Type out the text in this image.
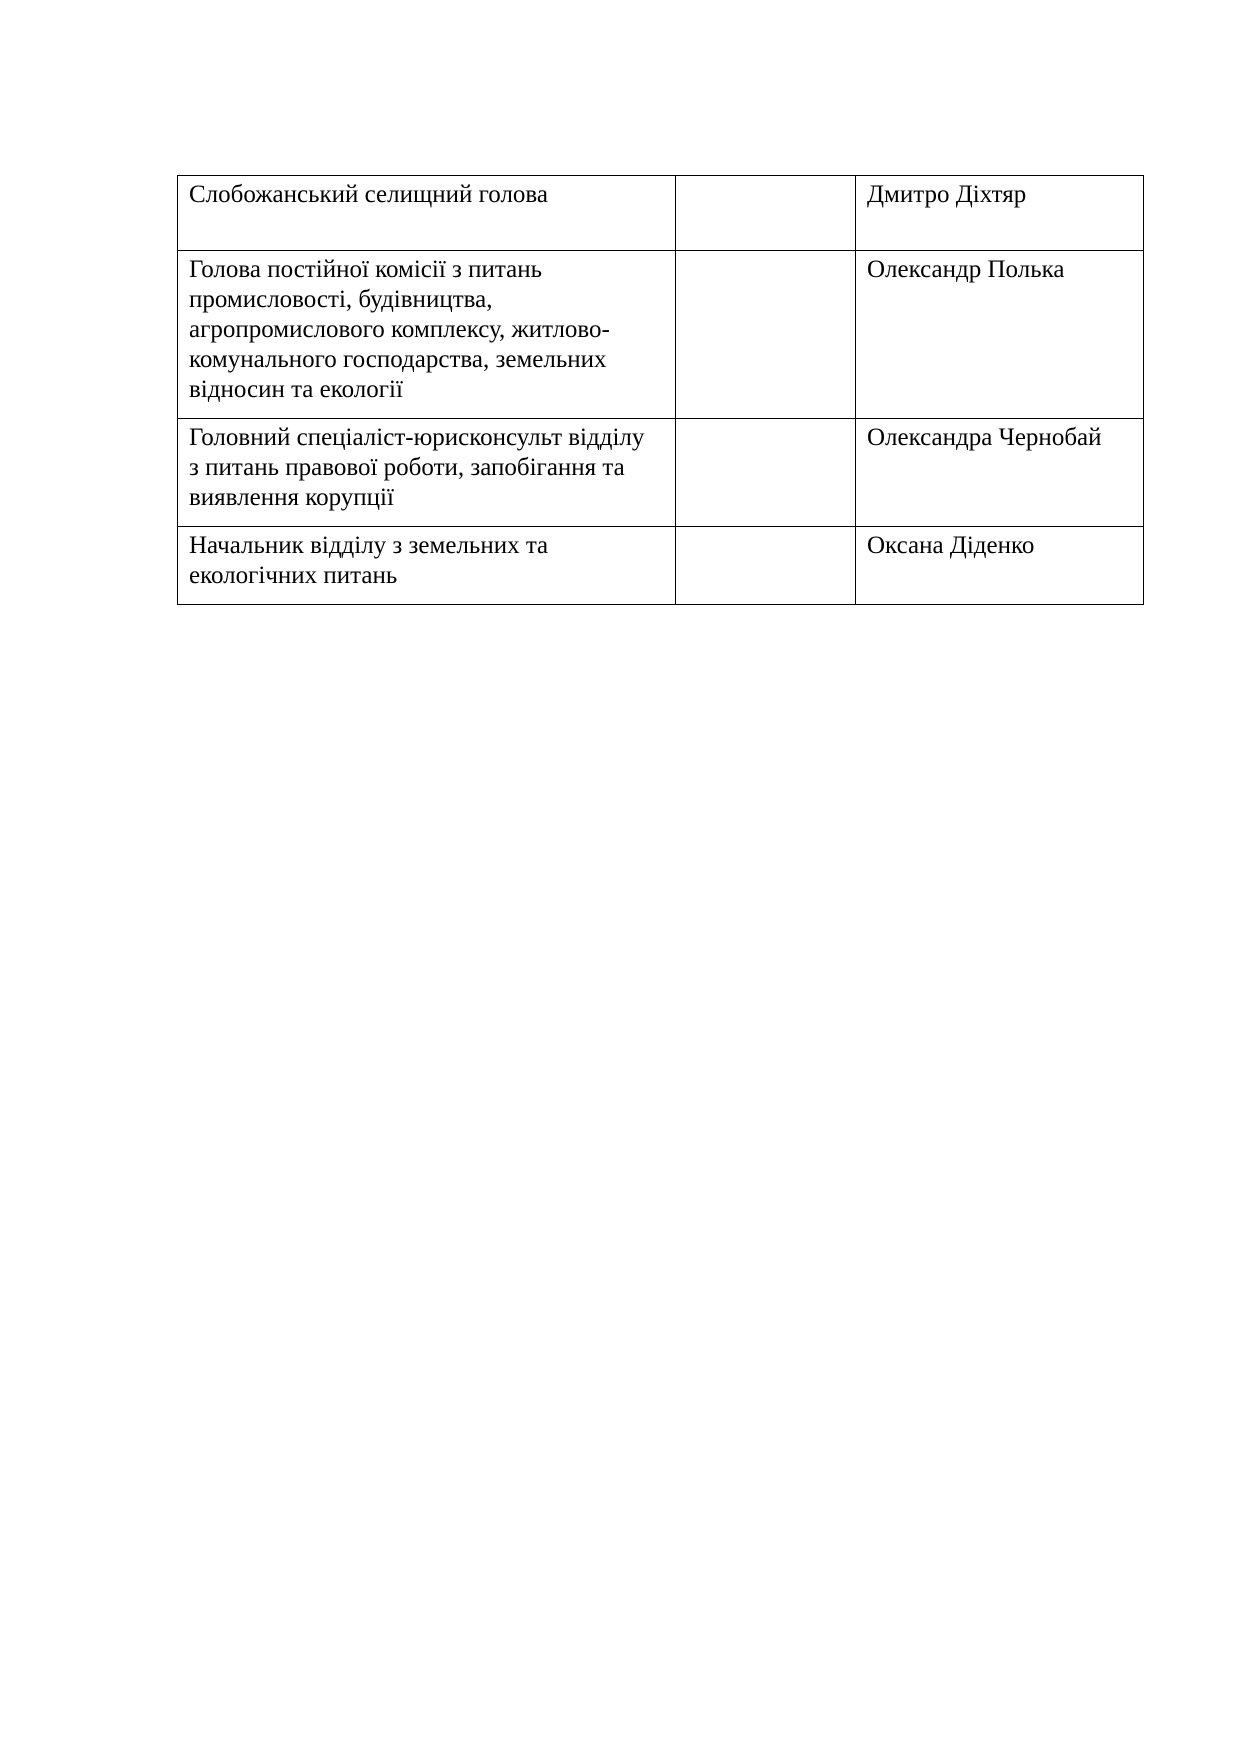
Слобожанський селищний голова		Дмитро Діхтяр
Голова постійної комісії з питань
промисловості, будівництва,
агропромислового комплексу, житлово-
комунального господарства, земельних
відносин та екології		Олександр Полька
Головний спеціаліст-юрисконсульт відділу
з питань правової роботи, запобігання та
виявлення корупції		Олександра Чернобай
Начальник відділу з земельних та
екологічних питань		Оксана Діденко
